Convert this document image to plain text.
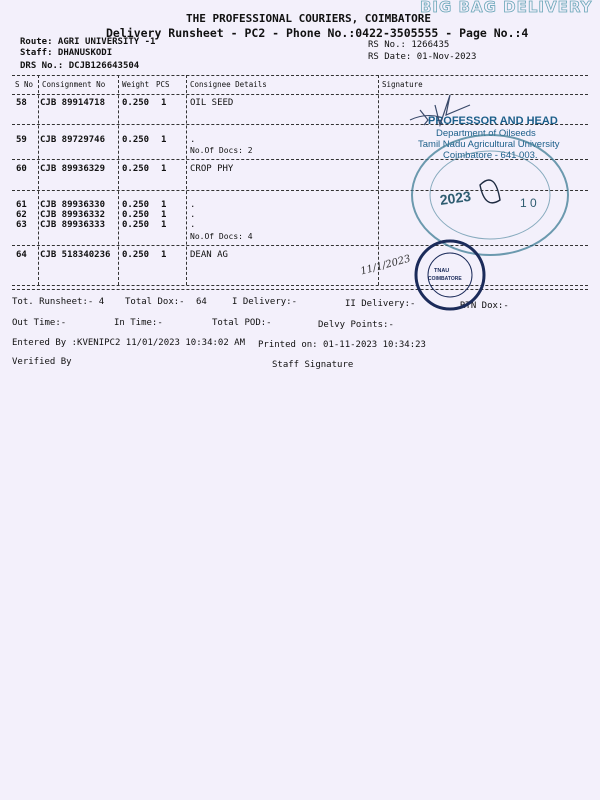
BIG BAG DELIVERY
THE PROFESSIONAL COURIERS, COIMBATORE
Delivery Runsheet - PC2 - Phone No.:0422-3505555 - Page No.:4
Route: AGRI UNIVERSITY -1
Staff: DHANUSKODI
DRS No.: DCJB126643504
RS No.: 1266435
RS Date: 01-Nov-2023
S No Consignment No Weight PCS	Consignee Details	Signature
58 CJB 89914718 0.250 1	OIL SEED
59 CJB 89729746 0.250 1	.
No.Of Docs: 2
60 CJB 89936329 0.250 1	CROP PHY
61 CJB 89936330 0.250 1	.
62 CJB 89936332 0.250 1	.
63 CJB 89936333 0.250 1	.
No.Of Docs: 4
64 CJB 518340236 0.250 1	DEAN AG
Tot. Runsheet:- 4 Total Dox:- 64	I Delivery:-	II Delivery:-	RTN Dox:-
Out Time:-	In Time:-	Total POD:-	Delvy Points:-
Entered By :KVENIPC2 11/01/2023 10:34:02 AM Printed on: 01-11-2023 10:34:23
Verified By	Staff Signature
PROFESSOR AND HEAD
Department of Oilseeds
Tamil Nadu Agricultural University
Coimbatore - 641 003.
2023	1 0
TNAU
COIMBATORE
11/1/2023
